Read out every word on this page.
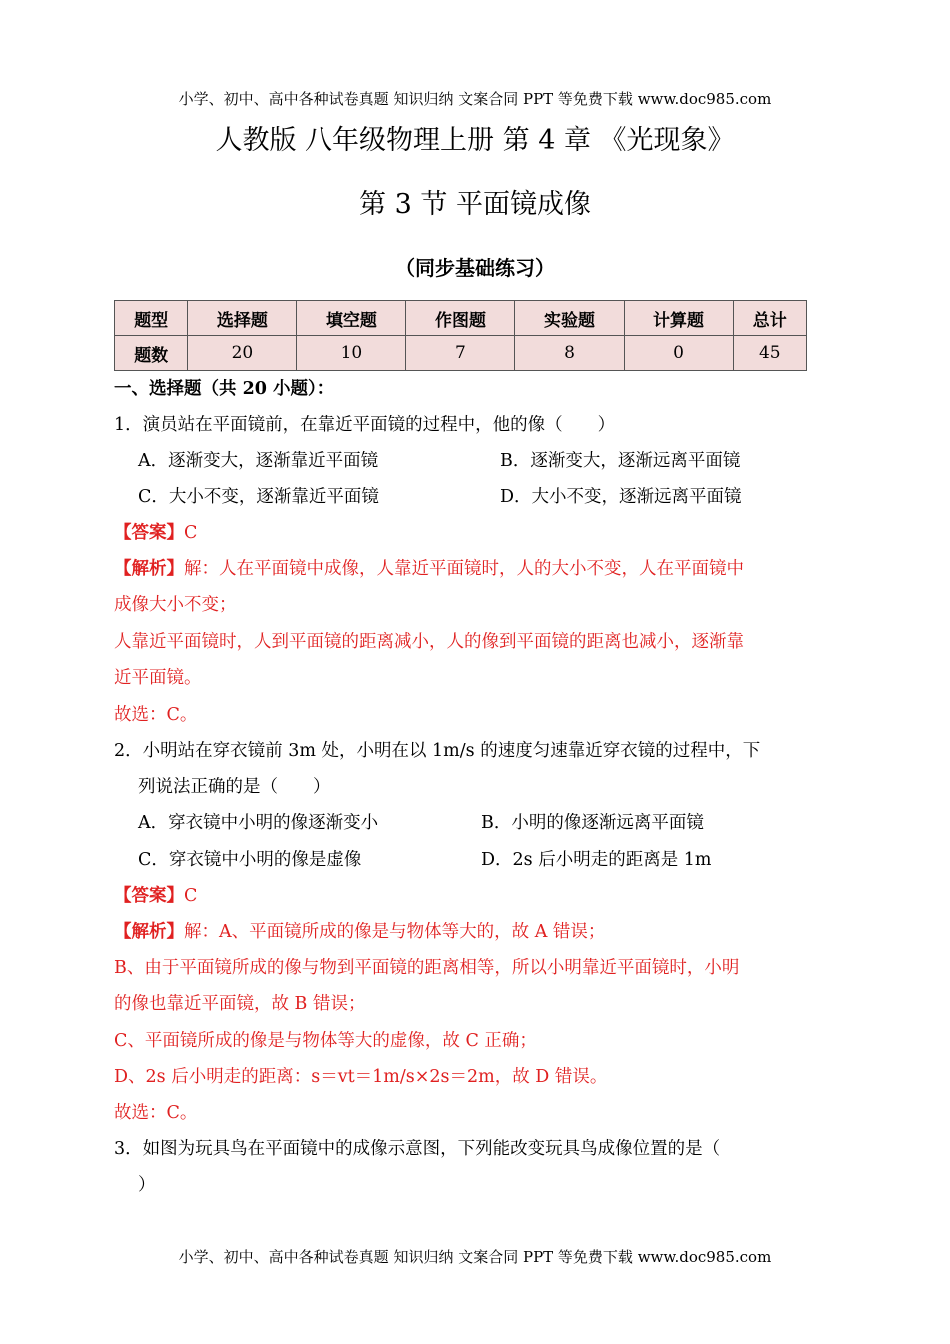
小学、初中、高中各种试卷真题 知识归纳 文案合同 PPT 等免费下载 www.doc985.com
人教版 八年级物理上册 第 4 章 《光现象》
第 3 节 平面镜成像
（同步基础练习）
题型	选择题	填空题	作图题	实验题	计算题	总计
题数	20	10	7	8	0	45
一、选择题（共 20 小题）：
1．演员站在平面镜前，在靠近平面镜的过程中，他的像（　　）
A．逐渐变大，逐渐靠近平面镜	B．逐渐变大，逐渐远离平面镜
C．大小不变，逐渐靠近平面镜	D．大小不变，逐渐远离平面镜
【答案】C
【解析】解：人在平面镜中成像，人靠近平面镜时，人的大小不变，人在平面镜中
成像大小不变；
人靠近平面镜时，人到平面镜的距离减小，人的像到平面镜的距离也减小，逐渐靠
近平面镜。
故选：C。
2．小明站在穿衣镜前 3m 处，小明在以 1m/s 的速度匀速靠近穿衣镜的过程中，下
列说法正确的是（　　）
A．穿衣镜中小明的像逐渐变小	B．小明的像逐渐远离平面镜
C．穿衣镜中小明的像是虚像	D．2s 后小明走的距离是 1m
【答案】C
【解析】解：A、平面镜所成的像是与物体等大的，故 A 错误；
B、由于平面镜所成的像与物到平面镜的距离相等，所以小明靠近平面镜时，小明
的像也靠近平面镜，故 B 错误；
C、平面镜所成的像是与物体等大的虚像，故 C 正确；
D、2s 后小明走的距离：s＝vt＝1m/s×2s＝2m，故 D 错误。
故选：C。
3．如图为玩具鸟在平面镜中的成像示意图，下列能改变玩具鸟成像位置的是（
）
小学、初中、高中各种试卷真题 知识归纳 文案合同 PPT 等免费下载 www.doc985.com
